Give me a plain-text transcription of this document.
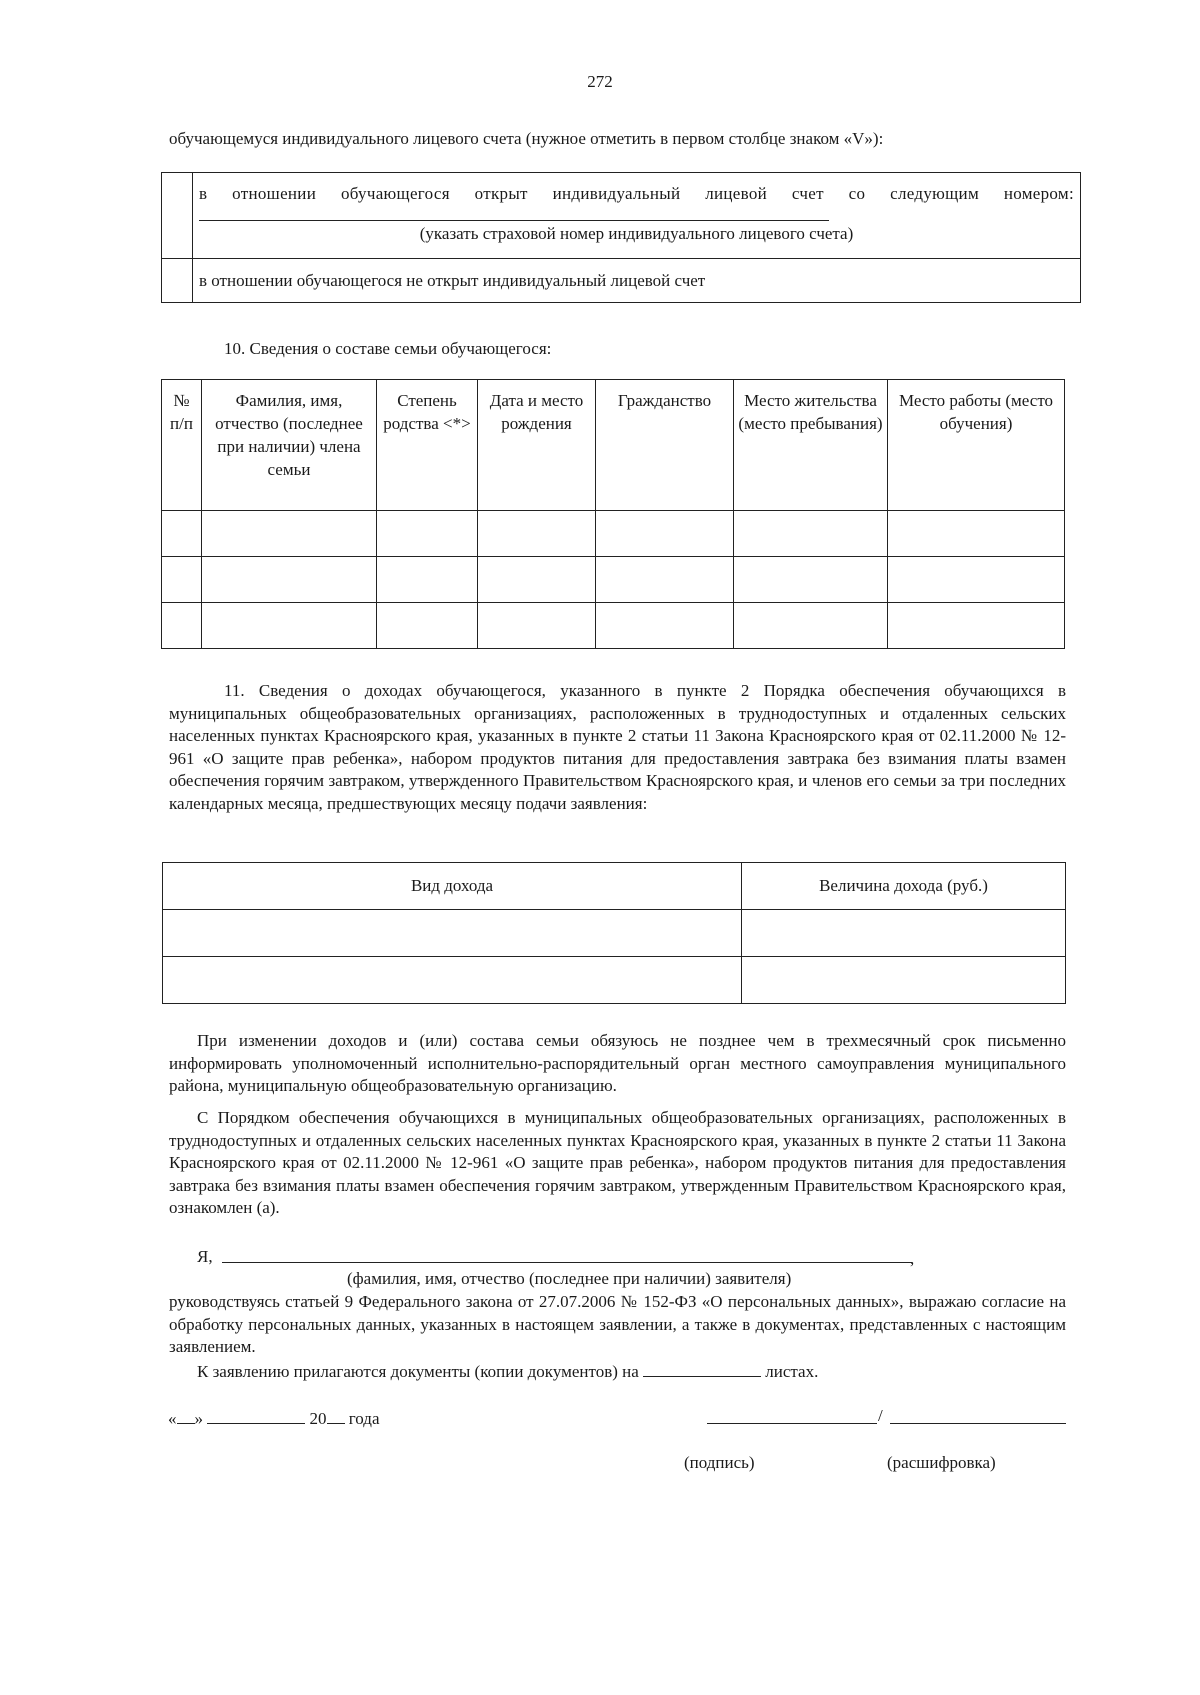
272
обучающемуся индивидуального лицевого счета (нужное отметить в первом столбце знаком «V»):

	в отношении обучающегося открыт индивидуальный лицевой счет со следующим номером:
(указать страховой номер индивидуального лицевого счета)

	в отношении обучающегося не открыт индивидуальный лицевой счет
10. Сведения о составе семьи обучающегося:
№ п/п	Фамилия, имя, отчество (последнее при наличии) члена семьи	Степень родства <*>	Дата и место рождения	Гражданство	Место жительства (место пребывания)	Место работы (место обучения)

11. Сведения о доходах обучающегося, указанного в пункте 2 Порядка обеспечения обучающихся в муниципальных общеобразовательных организациях, расположенных в труднодоступных и отдаленных сельских населенных пунктах Красноярского края, указанных в пункте 2 статьи 11 Закона Красноярского края от 02.11.2000 № 12-961 «О защите прав ребенка», набором продуктов питания для предоставления завтрака без взимания платы взамен обеспечения горячим завтраком, утвержденного Правительством Красноярского края, и членов его семьи за три последних календарных месяца, предшествующих месяцу подачи заявления:
Вид дохода	Величина дохода (руб.)

При изменении доходов и (или) состава семьи обязуюсь не позднее чем в трехмесячный срок письменно информировать уполномоченный исполнительно-распорядительный орган местного самоуправления муниципального района, муниципальную общеобразовательную организацию.
С Порядком обеспечения обучающихся в муниципальных общеобразовательных организациях, расположенных в труднодоступных и отдаленных сельских населенных пунктах Красноярского края, указанных в пункте 2 статьи 11 Закона Красноярского края от 02.11.2000 № 12-961 «О защите прав ребенка», набором продуктов питания для предоставления завтрака без взимания платы взамен обеспечения горячим завтраком, утвержденным Правительством Красноярского края, ознакомлен (а).
Я,	,
(фамилия, имя, отчество (последнее при наличии) заявителя)
руководствуясь статьей 9 Федерального закона от 27.07.2006 № 152-ФЗ «О персональных данных», выражаю согласие на обработку персональных данных, указанных в настоящем заявлении, а также в документах, представленных с настоящим заявлением.
К заявлению прилагаются документы (копии документов) на	листах.
« »	20 года	/
(подпись)	(расшифровка)
